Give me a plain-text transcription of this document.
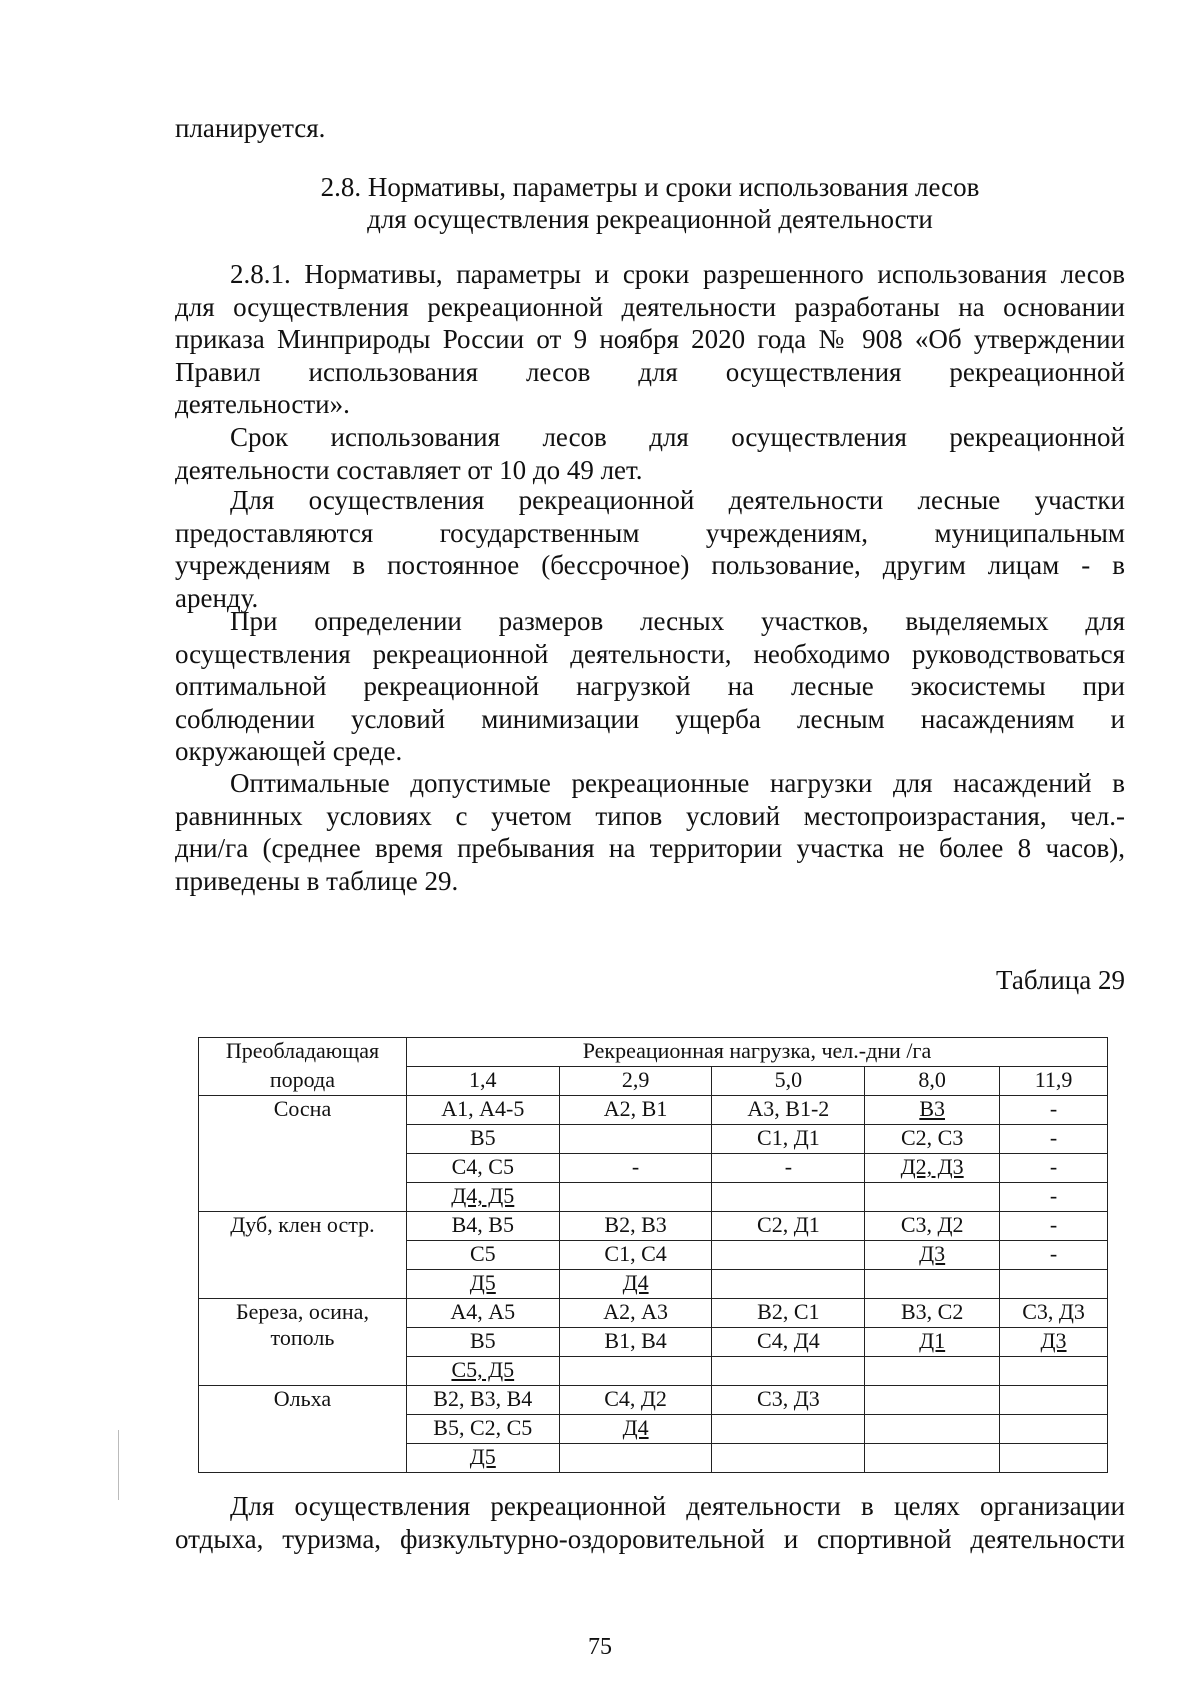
планируется.
2.8. Нормативы, параметры и сроки использования лесов
для осуществления рекреационной деятельности
2.8.1. Нормативы, параметры и сроки разрешенного использования лесов
для осуществления рекреационной деятельности разработаны на основании
приказа Минприроды России от 9 ноября 2020 года № 908 «Об утверждении
Правил использования лесов для осуществления рекреационной
деятельности».
Срок использования лесов для осуществления рекреационной
деятельности составляет от 10 до 49 лет.
Для осуществления рекреационной деятельности лесные участки
предоставляются государственным учреждениям, муниципальным
учреждениям в постоянное (бессрочное) пользование, другим лицам - в
аренду.
При определении размеров лесных участков, выделяемых для
осуществления рекреационной деятельности, необходимо руководствоваться
оптимальной рекреационной нагрузкой на лесные экосистемы при
соблюдении условий минимизации ущерба лесным насаждениям и
окружающей среде.
Оптимальные допустимые рекреационные нагрузки для насаждений в
равнинных условиях с учетом типов условий местопроизрастания, чел.-
дни/га (среднее время пребывания на территории участка не более 8 часов),
приведены в таблице 29.
Таблица 29
Преобладающая	Рекреационная нагрузка, чел.-дни /га				
порода	1,4	2,9	5,0	8,0	11,9
Сосна	А1, А4-5	А2, В1	А3, В1-2	В3	-
	В5		С1, Д1	С2, С3	-
	С4, С5	-	-	Д2, Д3	-
	Д4, Д5				-
Дуб, клен остр.	В4, В5	В2, В3	С2, Д1	С3, Д2	-
	С5	С1, С4		Д3	-
	Д5	Д4			

Береза, осина,
тополь	А4, А5	А2, А3	В2, С1	В3, С2	С3, Д3
	В5	В1, В4	С4, Д4	Д1	Д3
	С5, Д5				
Ольха	В2, В3, В4	С4, Д2	С3, Д3		
	В5, С2, С5	Д4			
	Д5				
Для осуществления рекреационной деятельности в целях организации
отдыха, туризма, физкультурно-оздоровительной и спортивной деятельности
75
